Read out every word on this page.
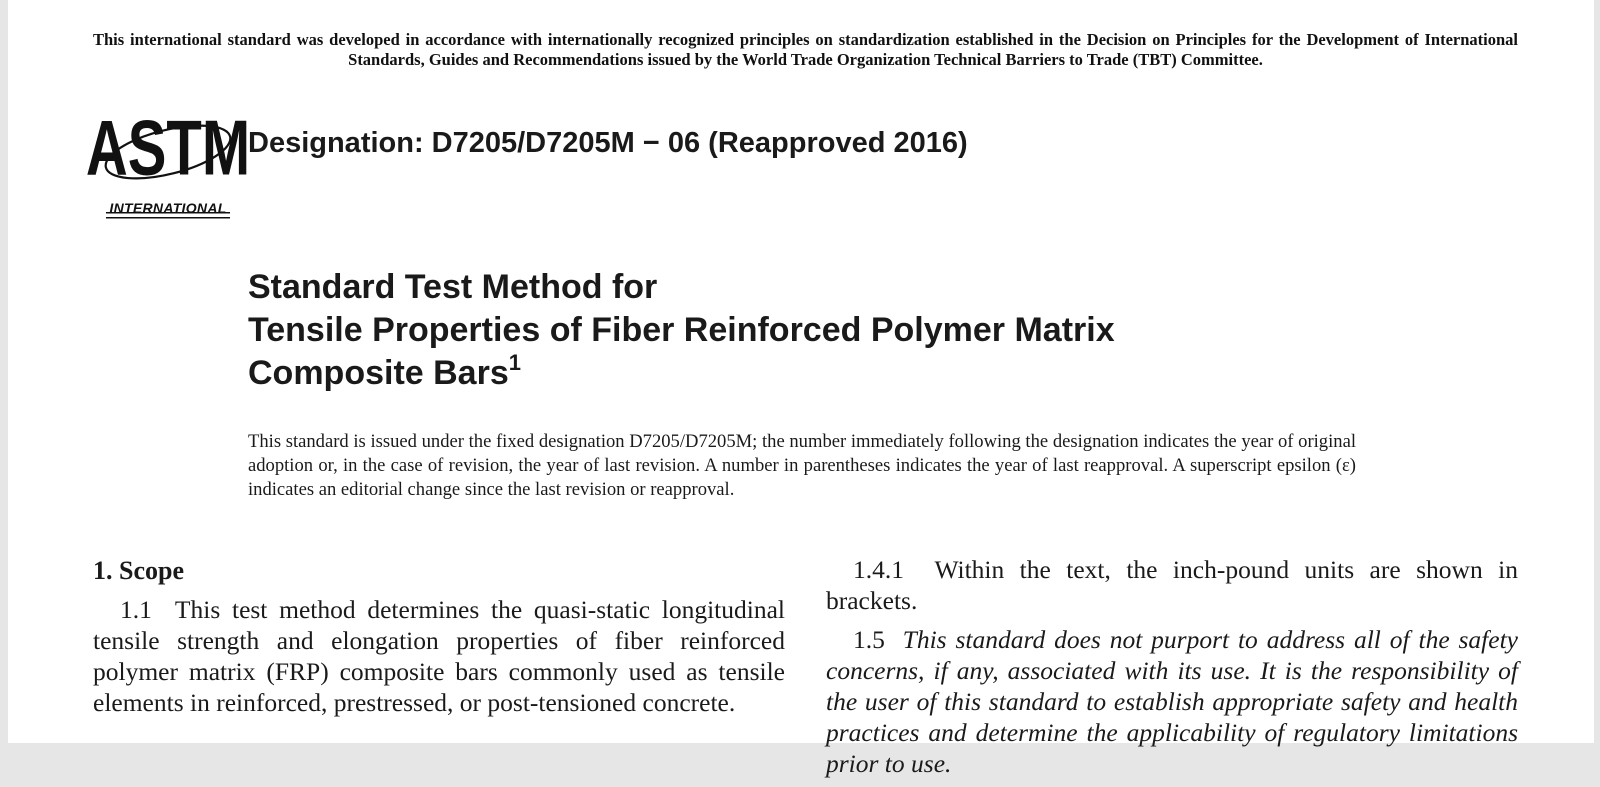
This international standard was developed in accordance with internationally recognized principles on standardization established in the Decision on Principles for the Development of International Standards, Guides and Recommendations issued by the World Trade Organization Technical Barriers to Trade (TBT) Committee.
ASTM
INTERNATIONAL
Designation: D7205/D7205M − 06 (Reapproved 2016)
Standard Test Method for
Tensile Properties of Fiber Reinforced Polymer Matrix
Composite Bars$^1$
This standard is issued under the fixed designation D7205/D7205M; the number immediately following the designation indicates the year of original adoption or, in the case of revision, the year of last revision. A number in parentheses indicates the year of last reapproval. A superscript epsilon (ε) indicates an editorial change since the last revision or reapproval.
1. Scope

1.1 This test method determines the quasi-static longitudinal tensile strength and elongation properties of fiber reinforced polymer matrix (FRP) composite bars commonly used as tensile elements in reinforced, prestressed, or post-tensioned concrete.

1.4.1 Within the text, the inch-pound units are shown in brackets.

1.5 This standard does not purport to address all of the safety concerns, if any, associated with its use. It is the responsibility of the user of this standard to establish appropriate safety and health practices and determine the applicability of regulatory limitations prior to use.
